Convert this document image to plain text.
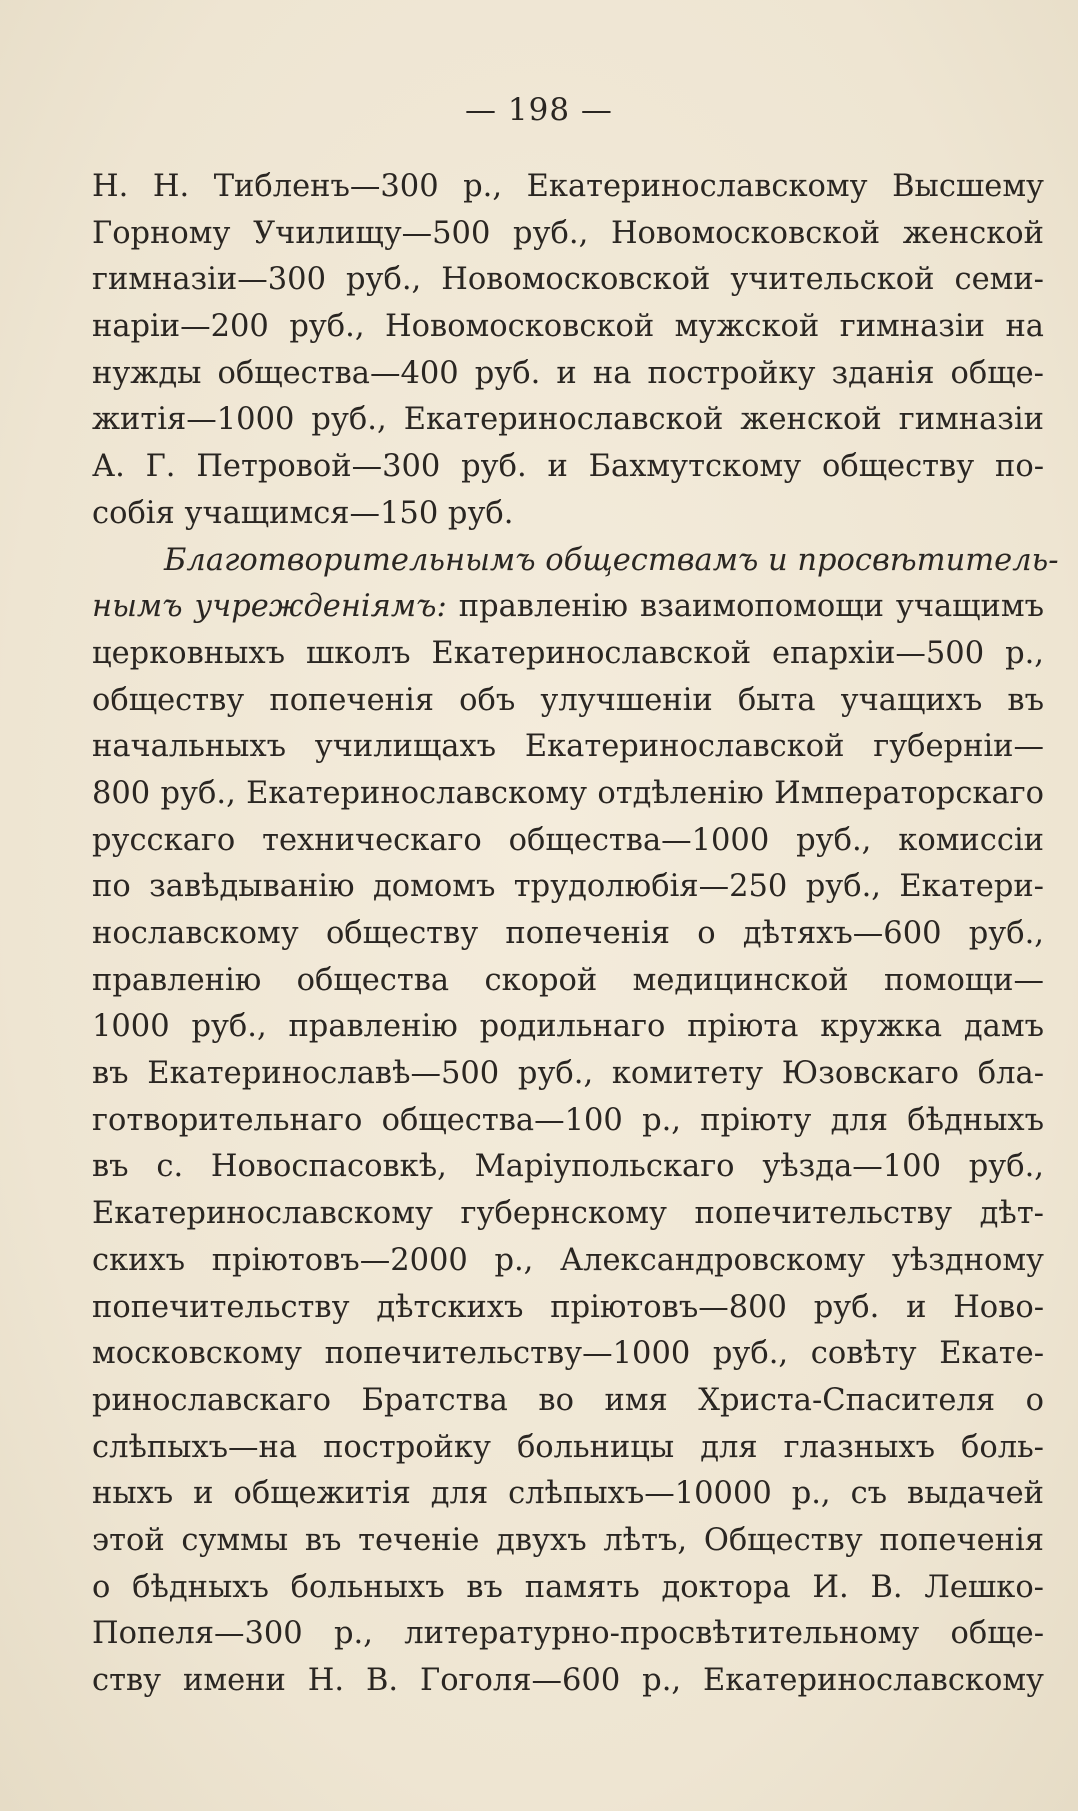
— 198 —
Н. Н. Тибленъ—300 р., Екатеринославскому Высшему
Горному Училищу—500 руб., Новомосковской женской
гимназіи—300 руб., Новомосковской учительской семи-
наріи—200 руб., Новомосковской мужской гимназіи на
нужды общества—400 руб. и на постройку зданія обще-
житія—1000 руб., Екатеринославской женской гимназіи
А. Г. Петровой—300 руб. и Бахмутскому обществу по-
собія учащимся—150 руб.
Благотворительнымъ обществамъ и просвѣтитель-
нымъ учрежденіямъ: правленію взаимопомощи учащимъ
церковныхъ школъ Екатеринославской епархіи—500 р.,
обществу попеченія объ улучшеніи быта учащихъ въ
начальныхъ училищахъ Екатеринославской губерніи—
800 руб., Екатеринославскому отдѣленію Императорскаго
русскаго техническаго общества—1000 руб., комиссіи
по завѣдыванію домомъ трудолюбія—250 руб., Екатери-
нославскому обществу попеченія о дѣтяхъ—600 руб.,
правленію общества скорой медицинской помощи—
1000 руб., правленію родильнаго пріюта кружка дамъ
въ Екатеринославѣ—500 руб., комитету Юзовскаго бла-
готворительнаго общества—100 р., пріюту для бѣдныхъ
въ с. Новоспасовкѣ, Маріупольскаго уѣзда—100 руб.,
Екатеринославскому губернскому попечительству дѣт-
скихъ пріютовъ—2000 р., Александровскому уѣздному
попечительству дѣтскихъ пріютовъ—800 руб. и Ново-
московскому попечительству—1000 руб., совѣту Екате-
ринославскаго Братства во имя Христа-Спасителя о
слѣпыхъ—на постройку больницы для глазныхъ боль-
ныхъ и общежитія для слѣпыхъ—10000 р., съ выдачей
этой суммы въ теченіе двухъ лѣтъ, Обществу попеченія
о бѣдныхъ больныхъ въ память доктора И. В. Лешко-
Попеля—300 р., литературно-просвѣтительному обще-
ству имени Н. В. Гоголя—600 р., Екатеринославскому
